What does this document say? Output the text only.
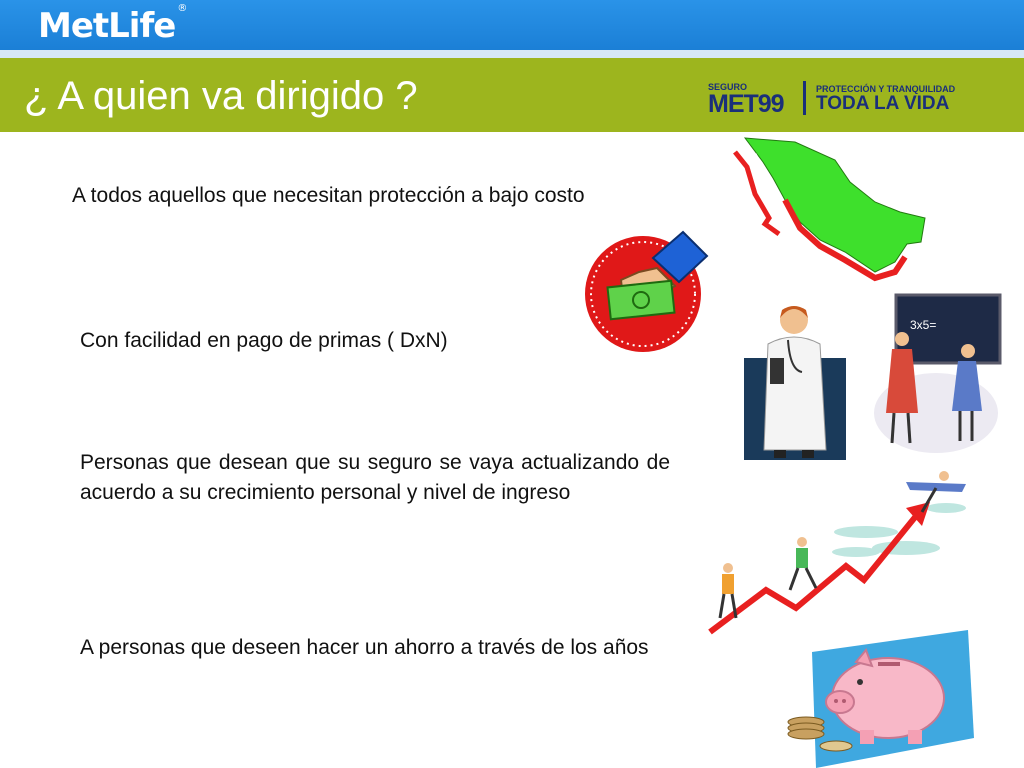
MetLife ®
¿ A quien va dirigido ?	SEGURO
MET99
PROTECCIÓN Y TRANQUILIDAD
TODA LA VIDA
A todos aquellos que necesitan protección a bajo costo
Con facilidad en pago de primas ( DxN)
Personas que desean que su seguro se vaya actualizando de acuerdo a su crecimiento personal y nivel de ingreso
A personas que deseen hacer un ahorro a través de los años
3x5=
